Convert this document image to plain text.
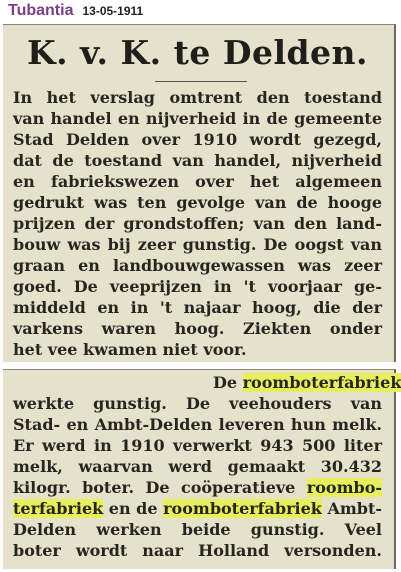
Tubantia 13-05-1911
K. v. K. te Delden.
In het verslag omtrent den toestand
van handel en nijverheid in de gemeente
Stad Delden over 1910 wordt gezegd,
dat de toestand van handel, nijverheid
en fabriekswezen over het algemeen
gedrukt was ten gevolge van de hooge
prijzen der grondstoffen; van den land-
bouw was bij zeer gunstig. De oogst van
graan en landbouwgewassen was zeer
goed. De veeprijzen in 't voorjaar ge-
middeld en in 't najaar hoog, die der
varkens waren hoog. Ziekten onder
het vee kwamen niet voor.
De roomboterfabriek
werkte gunstig. De veehouders van
Stad- en Ambt-Delden leveren hun melk.
Er werd in 1910 verwerkt 943 500 liter
melk, waarvan werd gemaakt 30.432
kilogr. boter. De coöperatieve roombo-
terfabriek en de roomboterfabriek Ambt-
Delden werken beide gunstig. Veel
boter wordt naar Holland versonden.
